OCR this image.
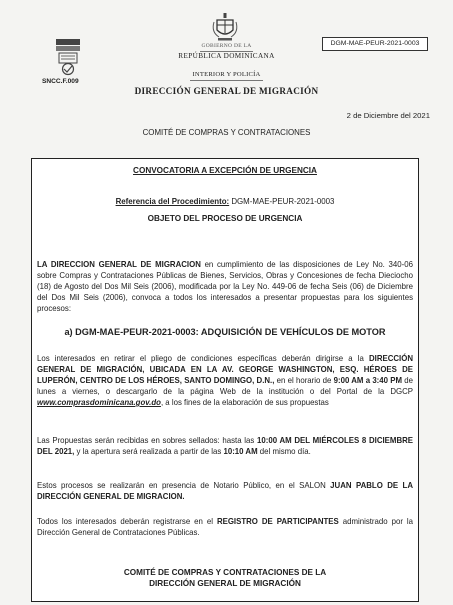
SNCC.F.009
GOBIERNO DE LA
REPÚBLICA DOMINICANA
DGM-MAE-PEUR-2021-0003
INTERIOR Y POLICÍA
DIRECCIÓN GENERAL DE MIGRACIÓN
2 de Diciembre del 2021
COMITÉ DE COMPRAS Y CONTRATACIONES
CONVOCATORIA A EXCEPCIÓN DE URGENCIA
Referencia del Procedimiento: DGM-MAE-PEUR-2021-0003
OBJETO DEL PROCESO DE URGENCIA
LA DIRECCION GENERAL DE MIGRACION en cumplimiento de las disposiciones de Ley No. 340-06 sobre Compras y Contrataciones Públicas de Bienes, Servicios, Obras y Concesiones de fecha Dieciocho (18) de Agosto del Dos Mil Seis (2006), modificada por la Ley No. 449-06 de fecha Seis (06) de Diciembre del Dos Mil Seis (2006), convoca a todos los interesados a presentar propuestas para los siguientes procesos:
a) DGM-MAE-PEUR-2021-0003: ADQUISICIÓN DE VEHÍCULOS DE MOTOR
Los interesados en retirar el pliego de condiciones específicas deberán dirigirse a la DIRECCIÓN GENERAL DE MIGRACIÓN, UBICADA EN LA AV. GEORGE WASHINGTON, ESQ. HÉROES DE LUPERÓN, CENTRO DE LOS HÉROES, SANTO DOMINGO, D.N., en el horario de 9:00 AM a 3:40 PM de lunes a viernes, o descargarlo de la página Web de la institución o del Portal de la DGCP www.comprasdominicana.gov.do, a los fines de la elaboración de sus propuestas
Las Propuestas serán recibidas en sobres sellados: hasta las 10:00 AM DEL MIÉRCOLES 8 DICIEMBRE DEL 2021, y la apertura será realizada a partir de las 10:10 AM del mismo día.
Estos procesos se realizarán en presencia de Notario Público, en el SALON JUAN PABLO DE LA DIRECCIÓN GENERAL DE MIGRACION.
Todos los interesados deberán registrarse en el REGISTRO DE PARTICIPANTES administrado por la Dirección General de Contrataciones Públicas.
COMITÉ DE COMPRAS Y CONTRATACIONES DE LA
DIRECCIÓN GENERAL DE MIGRACIÓN
